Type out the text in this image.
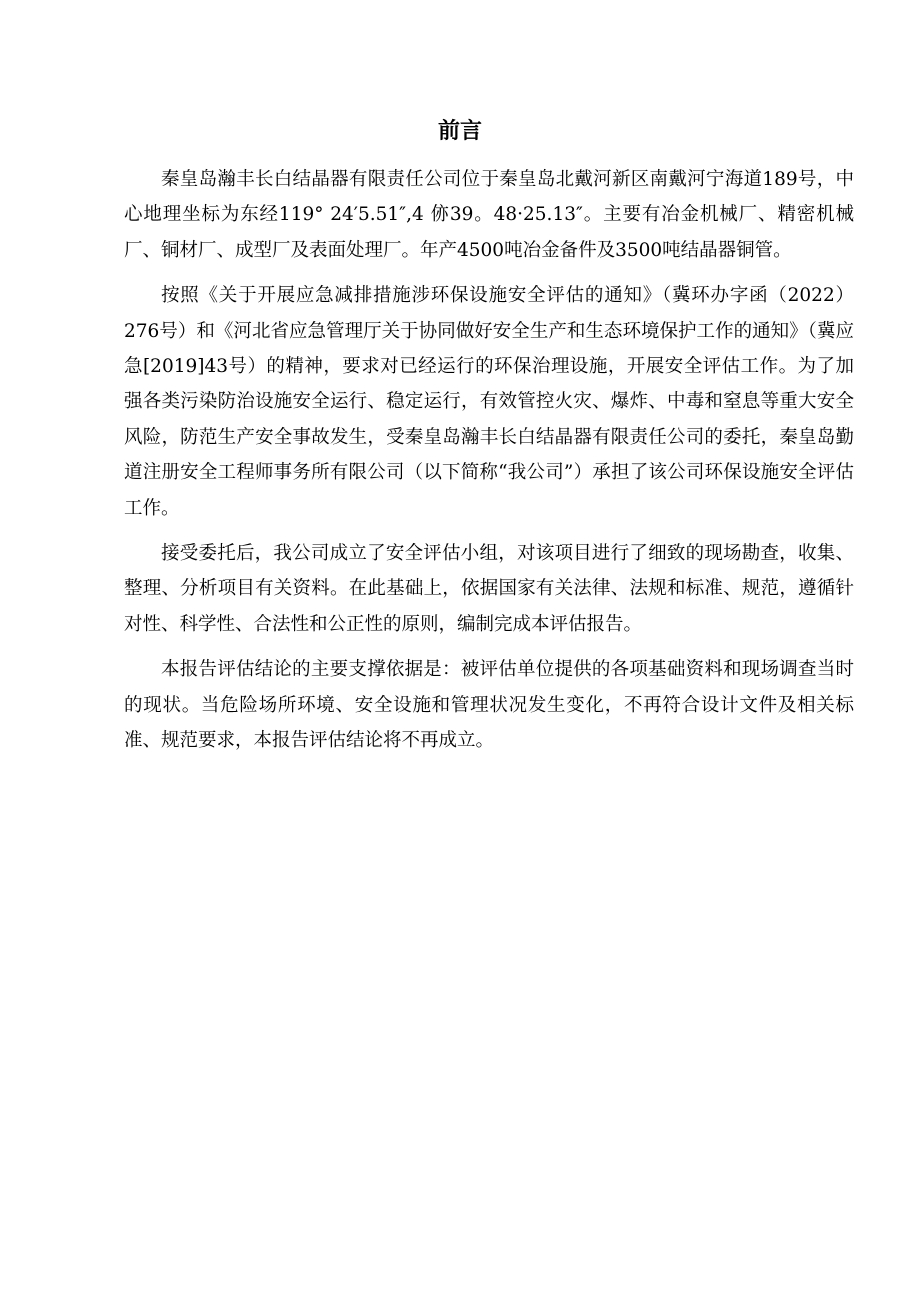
前言

秦皇岛瀚丰长白结晶器有限责任公司位于秦皇岛北戴河新区南戴河宁海道189号，中心地理坐标为东经119° 24′5.51″,4 㑊39。48·25.13″。主要有冶金机械厂、精密机械厂、铜材厂、成型厂及表面处理厂。年产4500吨冶金备件及3500吨结晶器铜管。

按照《关于开展应急减排措施涉环保设施安全评估的通知》（冀环办字函（2022）276号）和《河北省应急管理厅关于协同做好安全生产和生态环境保护工作的通知》（冀应急[2019]43号）的精神，要求对已经运行的环保治理设施，开展安全评估工作。为了加强各类污染防治设施安全运行、稳定运行，有效管控火灾、爆炸、中毒和窒息等重大安全风险，防范生产安全事故发生，受秦皇岛瀚丰长白结晶器有限责任公司的委托，秦皇岛勤道注册安全工程师事务所有限公司（以下简称“我公司”）承担了该公司环保设施安全评估工作。

接受委托后，我公司成立了安全评估小组，对该项目进行了细致的现场勘查，收集、整理、分析项目有关资料。在此基础上，依据国家有关法律、法规和标准、规范，遵循针对性、科学性、合法性和公正性的原则，编制完成本评估报告。

本报告评估结论的主要支撑依据是：被评估单位提供的各项基础资料和现场调查当时的现状。当危险场所环境、安全设施和管理状况发生变化，不再符合设计文件及相关标准、规范要求，本报告评估结论将不再成立。
